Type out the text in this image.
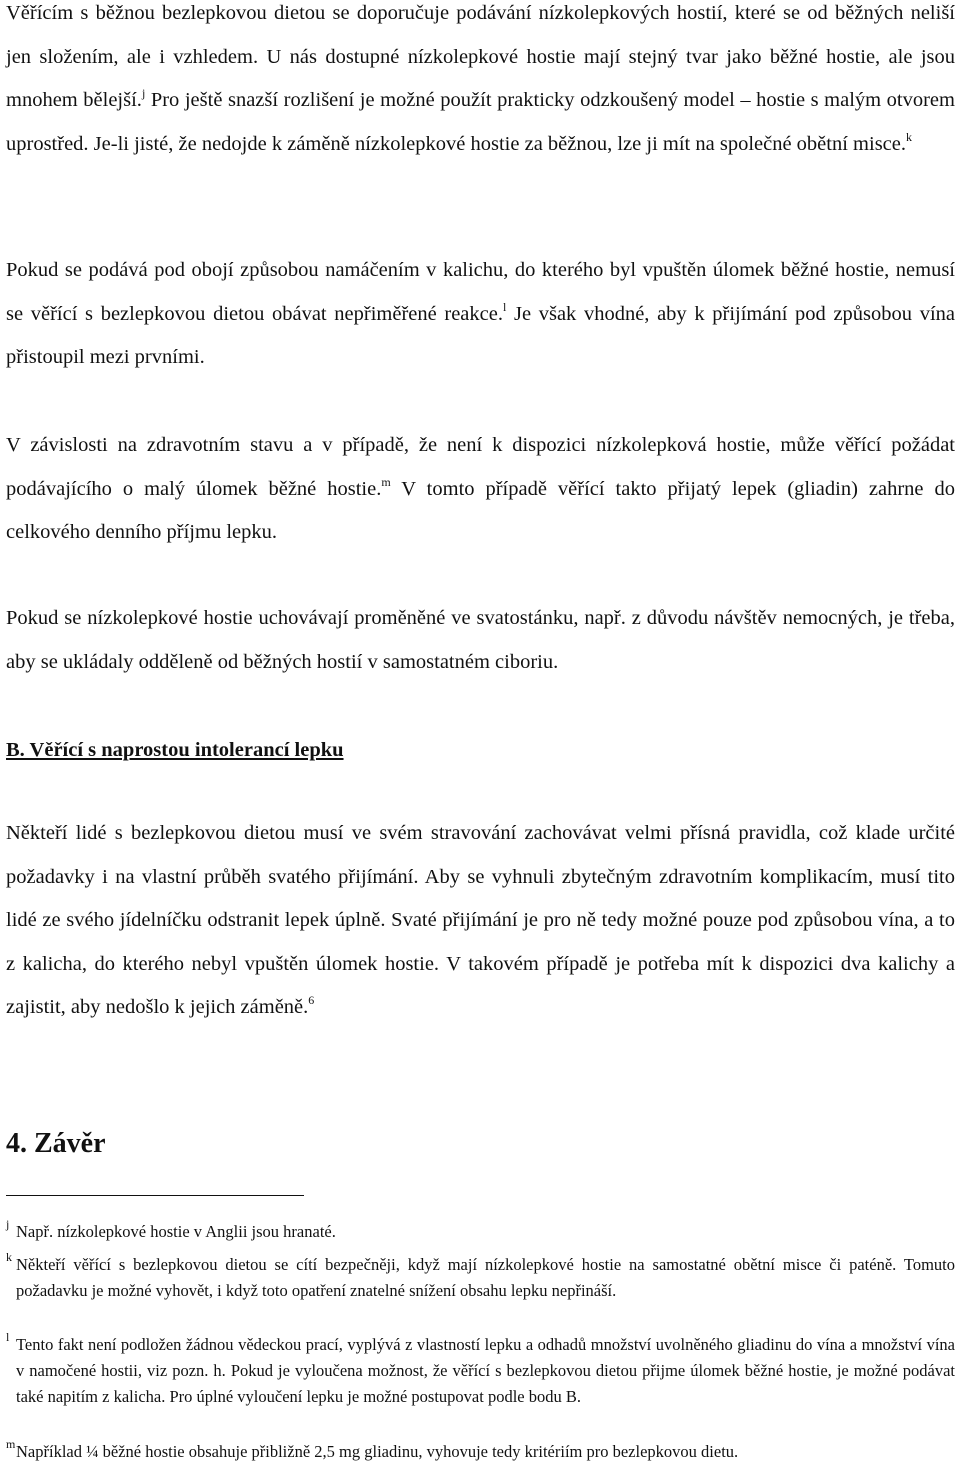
Věřícím s běžnou bezlepkovou dietou se doporučuje podávání nízkolepkových hostií, které se od běžných neliší jen složením, ale i vzhledem. U nás dostupné nízkolepkové hostie mají stejný tvar jako běžné hostie, ale jsou mnohem bělejší.$^j$ Pro ještě snazší rozlišení je možné použít prakticky odzkoušený model – hostie s malým otvorem uprostřed. Je-li jisté, že nedojde k záměně nízkolepkové hostie za běžnou, lze ji mít na společné obětní misce.$^k$

Pokud se podává pod obojí způsobou namáčením v kalichu, do kterého byl vpuštěn úlomek běžné hostie, nemusí se věřící s bezlepkovou dietou obávat nepřiměřené reakce.$^l$ Je však vhodné, aby k přijímání pod způsobou vína přistoupil mezi prvními.

V závislosti na zdravotním stavu a v případě, že není k dispozici nízkolepková hostie, může věřící požádat podávajícího o malý úlomek běžné hostie.$^m$ V tomto případě věřící takto přijatý lepek (gliadin) zahrne do celkového denního příjmu lepku.

Pokud se nízkolepkové hostie uchovávají proměněné ve svatostánku, např. z důvodu návštěv nemocných, je třeba, aby se ukládaly odděleně od běžných hostií v samostatném ciboriu.

B. Věřící s naprostou intolerancí lepku

Někteří lidé s bezlepkovou dietou musí ve svém stravování zachovávat velmi přísná pravidla, což klade určité požadavky i na vlastní průběh svatého přijímání. Aby se vyhnuli zbytečným zdravotním komplikacím, musí tito lidé ze svého jídelníčku odstranit lepek úplně. Svaté přijímání je pro ně tedy možné pouze pod způsobou vína, a to z kalicha, do kterého nebyl vpuštěn úlomek hostie. V takovém případě je potřeba mít k dispozici dva kalichy a zajistit, aby nedošlo k jejich záměně.$^6$

4. Závěr
j Např. nízkolepkové hostie v Anglii jsou hranaté.
k Někteří věřící s bezlepkovou dietou se cítí bezpečněji, když mají nízkolepkové hostie na samostatné obětní misce či paténě. Tomuto požadavku je možné vyhovět, i když toto opatření znatelné snížení obsahu lepku nepřináší.
l Tento fakt není podložen žádnou vědeckou prací, vyplývá z vlastností lepku a odhadů množství uvolněného gliadinu do vína a množství vína v namočené hostii, viz pozn. h. Pokud je vyloučena možnost, že věřící s bezlepkovou dietou přijme úlomek běžné hostie, je možné podávat také napitím z kalicha. Pro úplné vyloučení lepku je možné postupovat podle bodu B.
mNapříklad ¼ běžné hostie obsahuje přibližně 2,5 mg gliadinu, vyhovuje tedy kritériím pro bezlepkovou dietu.
